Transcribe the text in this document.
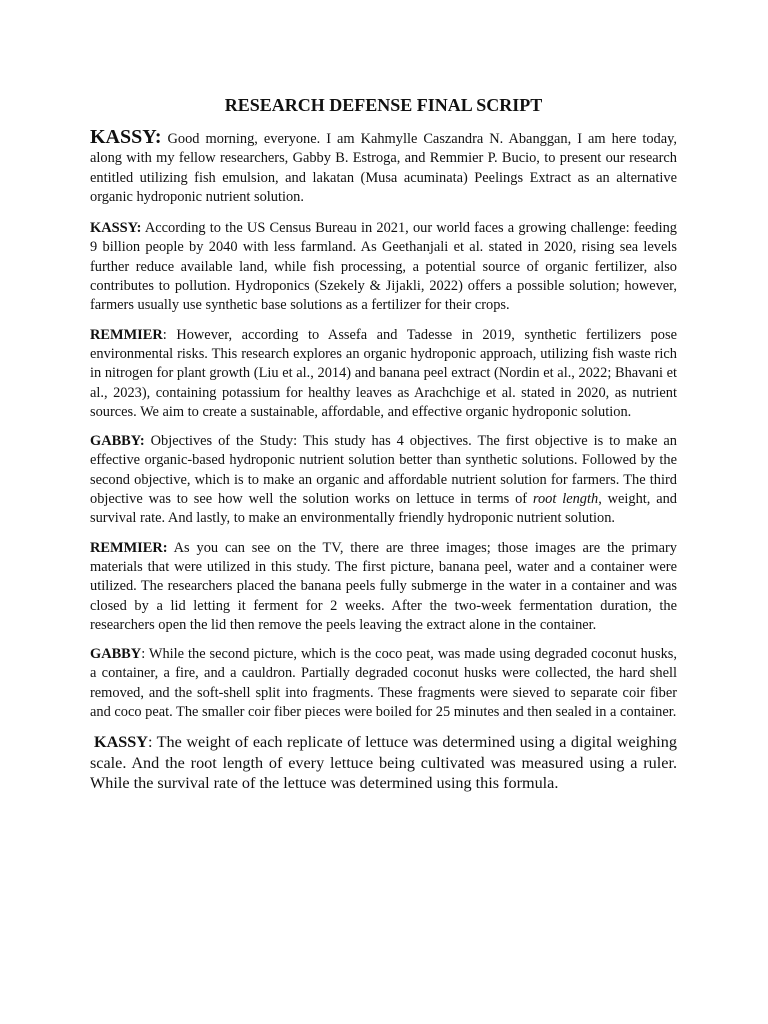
RESEARCH DEFENSE FINAL SCRIPT

KASSY: Good morning, everyone. I am Kahmylle Caszandra N. Abanggan, I am here today, along with my fellow researchers, Gabby B. Estroga, and Remmier P. Bucio, to present our research entitled utilizing fish emulsion, and lakatan (Musa acuminata) Peelings Extract as an alternative organic hydroponic nutrient solution.

KASSY: According to the US Census Bureau in 2021, our world faces a growing challenge: feeding 9 billion people by 2040 with less farmland. As Geethanjali et al. stated in 2020, rising sea levels further reduce available land, while fish processing, a potential source of organic fertilizer, also contributes to pollution. Hydroponics (Szekely & Jijakli, 2022) offers a possible solution; however, farmers usually use synthetic base solutions as a fertilizer for their crops.

REMMIER: However, according to Assefa and Tadesse in 2019, synthetic fertilizers pose environmental risks. This research explores an organic hydroponic approach, utilizing fish waste rich in nitrogen for plant growth (Liu et al., 2014) and banana peel extract (Nordin et al., 2022; Bhavani et al., 2023), containing potassium for healthy leaves as Arachchige et al. stated in 2020, as nutrient sources. We aim to create a sustainable, affordable, and effective organic hydroponic solution.

GABBY: Objectives of the Study: This study has 4 objectives. The first objective is to make an effective organic-based hydroponic nutrient solution better than synthetic solutions. Followed by the second objective, which is to make an organic and affordable nutrient solution for farmers. The third objective was to see how well the solution works on lettuce in terms of root length, weight, and survival rate. And lastly, to make an environmentally friendly hydroponic nutrient solution.

REMMIER: As you can see on the TV, there are three images; those images are the primary materials that were utilized in this study. The first picture, banana peel, water and a container were utilized. The researchers placed the banana peels fully submerge in the water in a container and was closed by a lid letting it ferment for 2 weeks. After the two-week fermentation duration, the researchers open the lid then remove the peels leaving the extract alone in the container.

GABBY: While the second picture, which is the coco peat, was made using degraded coconut husks, a container, a fire, and a cauldron. Partially degraded coconut husks were collected, the hard shell removed, and the soft-shell split into fragments. These fragments were sieved to separate coir fiber and coco peat. The smaller coir fiber pieces were boiled for 25 minutes and then sealed in a container.

KASSY: The weight of each replicate of lettuce was determined using a digital weighing scale. And the root length of every lettuce being cultivated was measured using a ruler. While the survival rate of the lettuce was determined using this formula.
